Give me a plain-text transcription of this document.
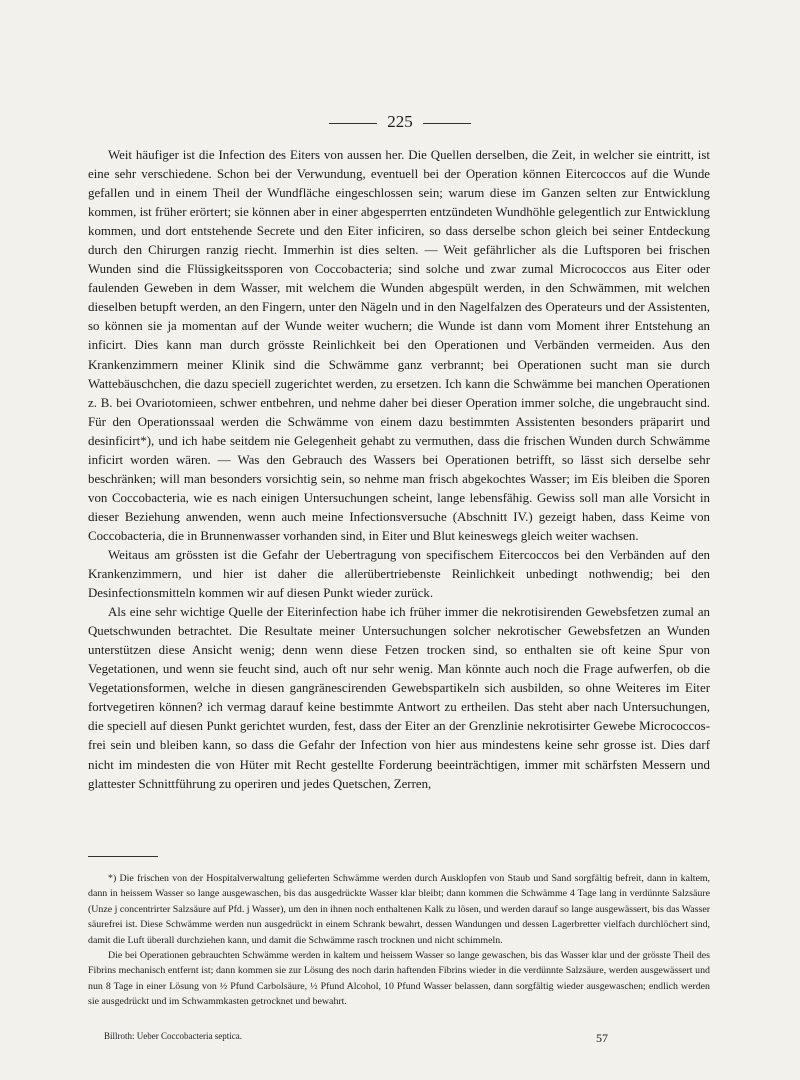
225

Weit häufiger ist die Infection des Eiters von aussen her. Die Quellen derselben, die Zeit, in welcher sie eintritt, ist eine sehr verschiedene. Schon bei der Verwundung, eventuell bei der Operation können Eitercoccos auf die Wunde gefallen und in einem Theil der Wundfläche eingeschlossen sein; warum diese im Ganzen selten zur Entwicklung kommen, ist früher erörtert; sie können aber in einer abgesperrten entzündeten Wundhöhle gelegentlich zur Entwicklung kommen, und dort entstehende Secrete und den Eiter inficiren, so dass derselbe schon gleich bei seiner Entdeckung durch den Chirurgen ranzig riecht. Immerhin ist dies selten. — Weit gefährlicher als die Luftsporen bei frischen Wunden sind die Flüssigkeitssporen von Coccobacteria; sind solche und zwar zumal Micrococcos aus Eiter oder faulenden Geweben in dem Wasser, mit welchem die Wunden abgespült werden, in den Schwämmen, mit welchen dieselben betupft werden, an den Fingern, unter den Nägeln und in den Nagelfalzen des Operateurs und der Assistenten, so können sie ja momentan auf der Wunde weiter wuchern; die Wunde ist dann vom Moment ihrer Entstehung an inficirt. Dies kann man durch grösste Reinlichkeit bei den Operationen und Verbänden vermeiden. Aus den Krankenzimmern meiner Klinik sind die Schwämme ganz verbrannt; bei Operationen sucht man sie durch Wattebäuschchen, die dazu speciell zugerichtet werden, zu ersetzen. Ich kann die Schwämme bei manchen Operationen z. B. bei Ovariotomieen, schwer entbehren, und nehme daher bei dieser Operation immer solche, die ungebraucht sind. Für den Operationssaal werden die Schwämme von einem dazu bestimmten Assistenten besonders präparirt und desinficirt*), und ich habe seitdem nie Gelegenheit gehabt zu vermuthen, dass die frischen Wunden durch Schwämme inficirt worden wären. — Was den Gebrauch des Wassers bei Operationen betrifft, so lässt sich derselbe sehr beschränken; will man besonders vorsichtig sein, so nehme man frisch abgekochtes Wasser; im Eis bleiben die Sporen von Coccobacteria, wie es nach einigen Untersuchungen scheint, lange lebensfähig. Gewiss soll man alle Vorsicht in dieser Beziehung anwenden, wenn auch meine Infectionsversuche (Abschnitt IV.) gezeigt haben, dass Keime von Coccobacteria, die in Brunnenwasser vorhanden sind, in Eiter und Blut keineswegs gleich weiter wachsen.

Weitaus am grössten ist die Gefahr der Uebertragung von specifischem Eitercoccos bei den Verbänden auf den Krankenzimmern, und hier ist daher die allerübertriebenste Reinlichkeit unbedingt nothwendig; bei den Desinfectionsmitteln kommen wir auf diesen Punkt wieder zurück.

Als eine sehr wichtige Quelle der Eiterinfection habe ich früher immer die nekrotisirenden Gewebsfetzen zumal an Quetschwunden betrachtet. Die Resultate meiner Untersuchungen solcher nekrotischer Gewebsfetzen an Wunden unterstützen diese Ansicht wenig; denn wenn diese Fetzen trocken sind, so enthalten sie oft keine Spur von Vegetationen, und wenn sie feucht sind, auch oft nur sehr wenig. Man könnte auch noch die Frage aufwerfen, ob die Vegetationsformen, welche in diesen gangränescirenden Gewebspartikeln sich ausbilden, so ohne Weiteres im Eiter fortvegetiren können? ich vermag darauf keine bestimmte Antwort zu ertheilen. Das steht aber nach Untersuchungen, die speciell auf diesen Punkt gerichtet wurden, fest, dass der Eiter an der Grenzlinie nekrotisirter Gewebe Micrococcos-frei sein und bleiben kann, so dass die Gefahr der Infection von hier aus mindestens keine sehr grosse ist. Dies darf nicht im mindesten die von Hüter mit Recht gestellte Forderung beeinträchtigen, immer mit schärfsten Messern und glattester Schnittführung zu operiren und jedes Quetschen, Zerren,

*) Die frischen von der Hospitalverwaltung gelieferten Schwämme werden durch Ausklopfen von Staub und Sand sorgfältig befreit, dann in kaltem, dann in heissem Wasser so lange ausgewaschen, bis das ausgedrückte Wasser klar bleibt; dann kommen die Schwämme 4 Tage lang in verdünnte Salzsäure (Unze j concentrirter Salzsäure auf Pfd. j Wasser), um den in ihnen noch enthaltenen Kalk zu lösen, und werden darauf so lange ausgewässert, bis das Wasser säurefrei ist. Diese Schwämme werden nun ausgedrückt in einem Schrank bewahrt, dessen Wandungen und dessen Lagerbretter vielfach durchlöchert sind, damit die Luft überall durchziehen kann, und damit die Schwämme rasch trocknen und nicht schimmeln.

Die bei Operationen gebrauchten Schwämme werden in kaltem und heissem Wasser so lange gewaschen, bis das Wasser klar und der grösste Theil des Fibrins mechanisch entfernt ist; dann kommen sie zur Lösung des noch darin haftenden Fibrins wieder in die verdünnte Salzsäure, werden ausgewässert und nun 8 Tage in einer Lösung von ½ Pfund Carbolsäure, ½ Pfund Alcohol, 10 Pfund Wasser belassen, dann sorgfältig wieder ausgewaschen; endlich werden sie ausgedrückt und im Schwammkasten getrocknet und bewahrt.

Billroth: Ueber Coccobacteria septica.	57
